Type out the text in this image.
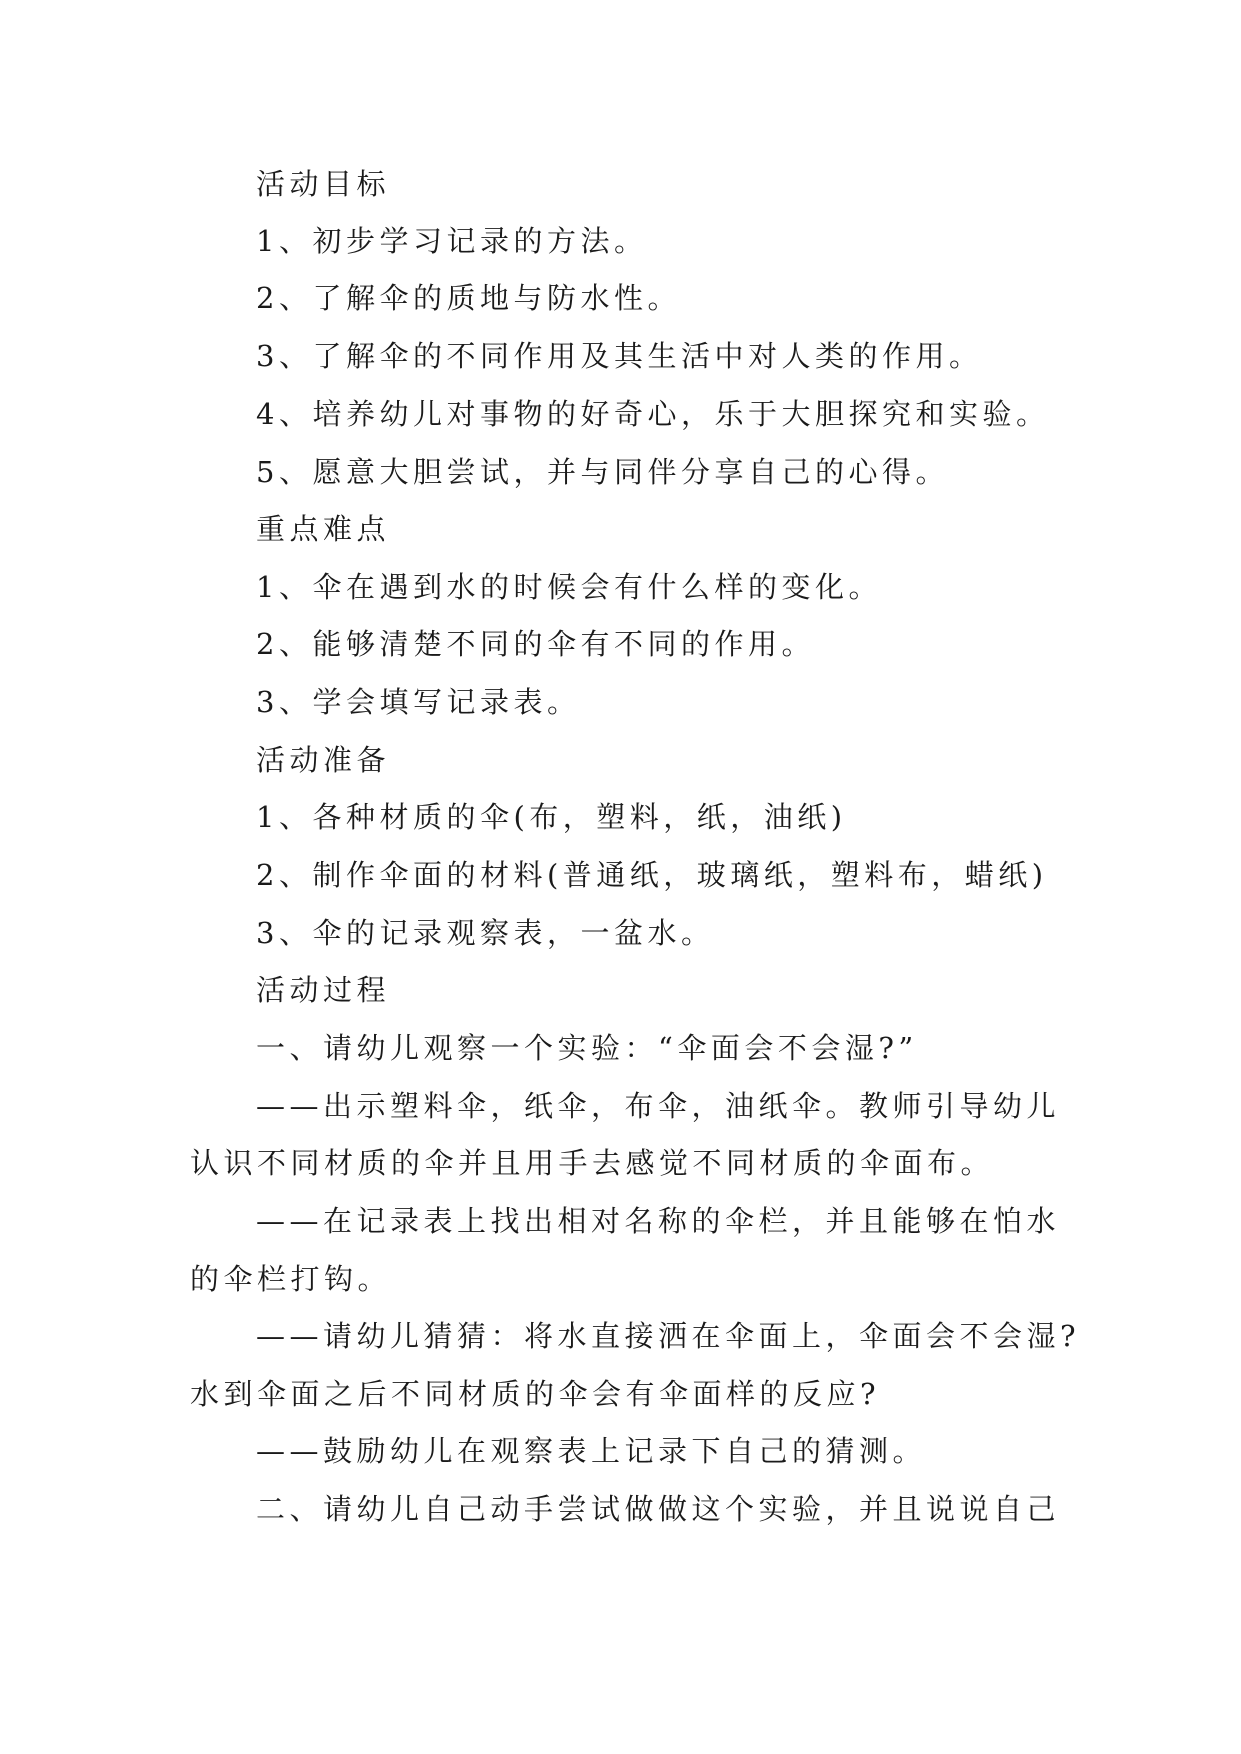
活动目标
1、初步学习记录的方法。
2、了解伞的质地与防水性。
3、了解伞的不同作用及其生活中对人类的作用。
4、培养幼儿对事物的好奇心，乐于大胆探究和实验。
5、愿意大胆尝试，并与同伴分享自己的心得。
重点难点
1、伞在遇到水的时候会有什么样的变化。
2、能够清楚不同的伞有不同的作用。
3、学会填写记录表。
活动准备
1、各种材质的伞(布，塑料，纸，油纸)
2、制作伞面的材料(普通纸，玻璃纸，塑料布，蜡纸)
3、伞的记录观察表，一盆水。
活动过程
一、请幼儿观察一个实验：“伞面会不会湿?”
——出示塑料伞，纸伞，布伞，油纸伞。教师引导幼儿
认识不同材质的伞并且用手去感觉不同材质的伞面布。
——在记录表上找出相对名称的伞栏，并且能够在怕水
的伞栏打钩。
——请幼儿猜猜：将水直接洒在伞面上，伞面会不会湿?
水到伞面之后不同材质的伞会有伞面样的反应?
——鼓励幼儿在观察表上记录下自己的猜测。
二、请幼儿自己动手尝试做做这个实验，并且说说自己
